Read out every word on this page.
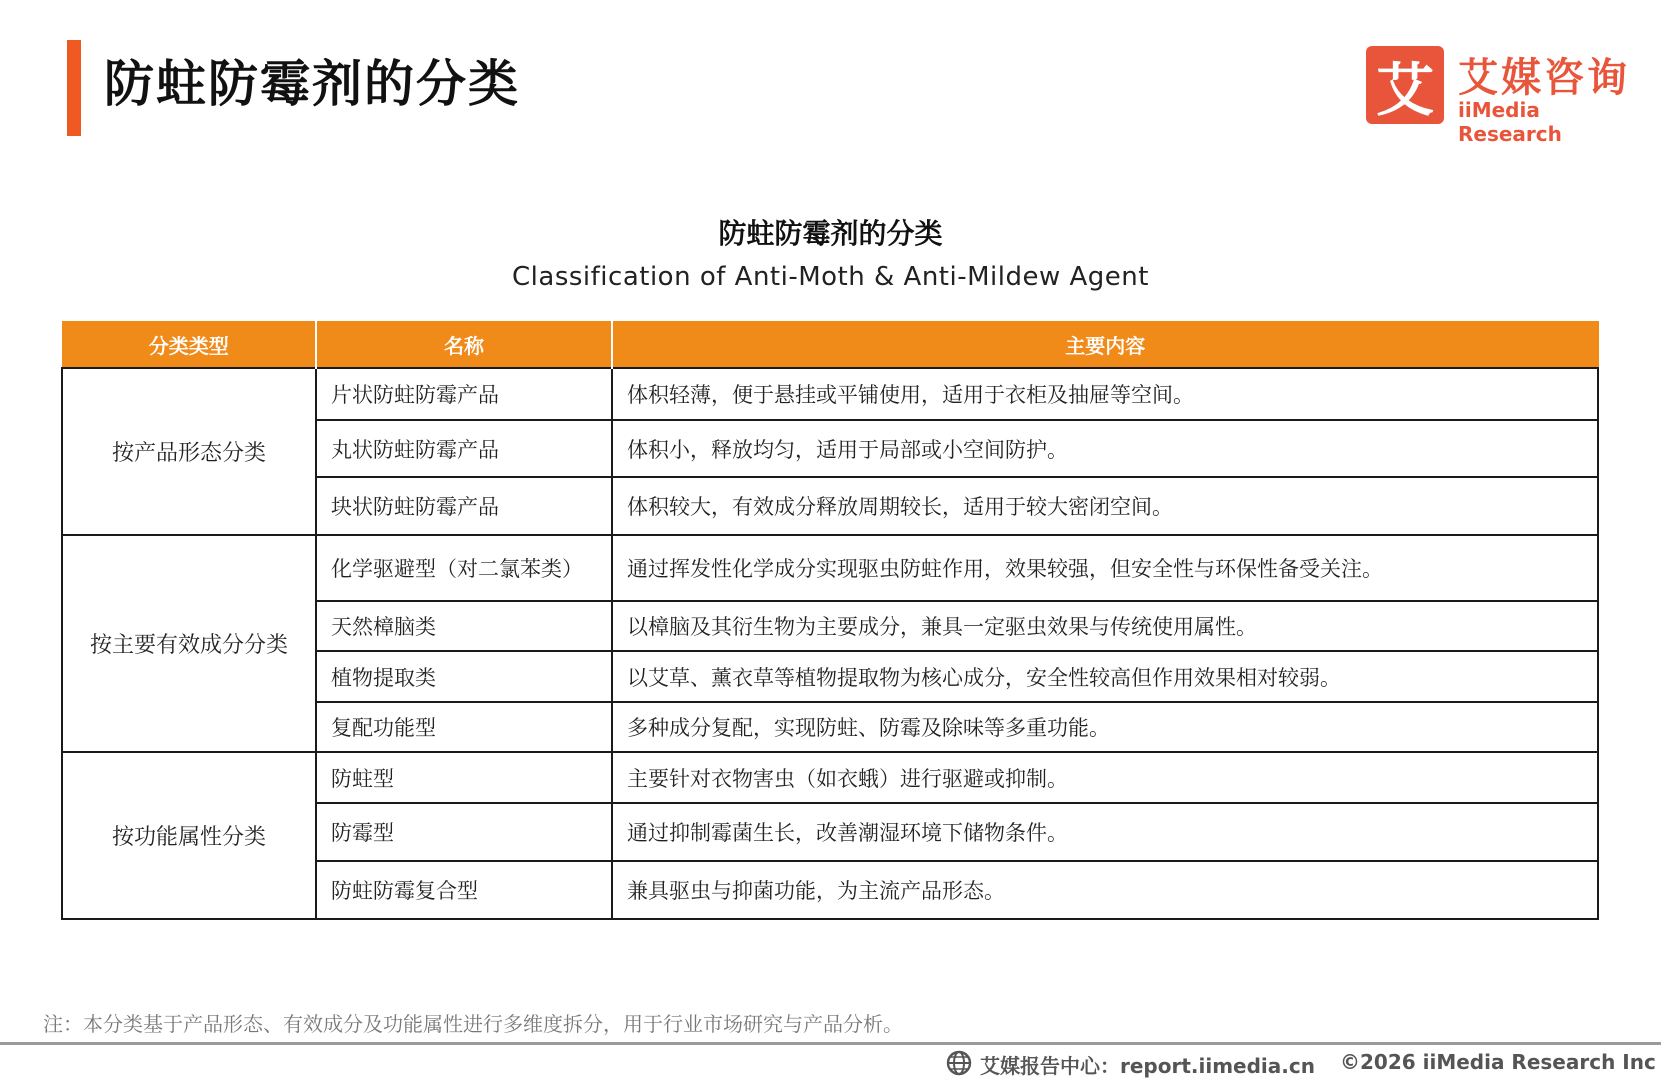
防蛀防霉剂的分类	艾 艾媒咨询
iiMedia Research
防蛀防霉剂的分类
Classification of Anti-Moth & Anti-Mildew Agent
分类类型	名称	主要内容
按产品形态分类	片状防蛀防霉产品	体积轻薄，便于悬挂或平铺使用，适用于衣柜及抽屉等空间。
	丸状防蛀防霉产品	体积小，释放均匀，适用于局部或小空间防护。
	块状防蛀防霉产品	体积较大，有效成分释放周期较长，适用于较大密闭空间。
按主要有效成分分类	化学驱避型（对二氯苯类）	通过挥发性化学成分实现驱虫防蛀作用，效果较强，但安全性与环保性备受关注。
	天然樟脑类	以樟脑及其衍生物为主要成分，兼具一定驱虫效果与传统使用属性。
	植物提取类	以艾草、薰衣草等植物提取物为核心成分，安全性较高但作用效果相对较弱。
	复配功能型	多种成分复配，实现防蛀、防霉及除味等多重功能。
按功能属性分类	防蛀型	主要针对衣物害虫（如衣蛾）进行驱避或抑制。
	防霉型	通过抑制霉菌生长，改善潮湿环境下储物条件。
	防蛀防霉复合型	兼具驱虫与抑菌功能，为主流产品形态。
注：本分类基于产品形态、有效成分及功能属性进行多维度拆分，用于行业市场研究与产品分析。
艾媒报告中心：report.iimedia.cn ©2026 iiMedia Research Inc
